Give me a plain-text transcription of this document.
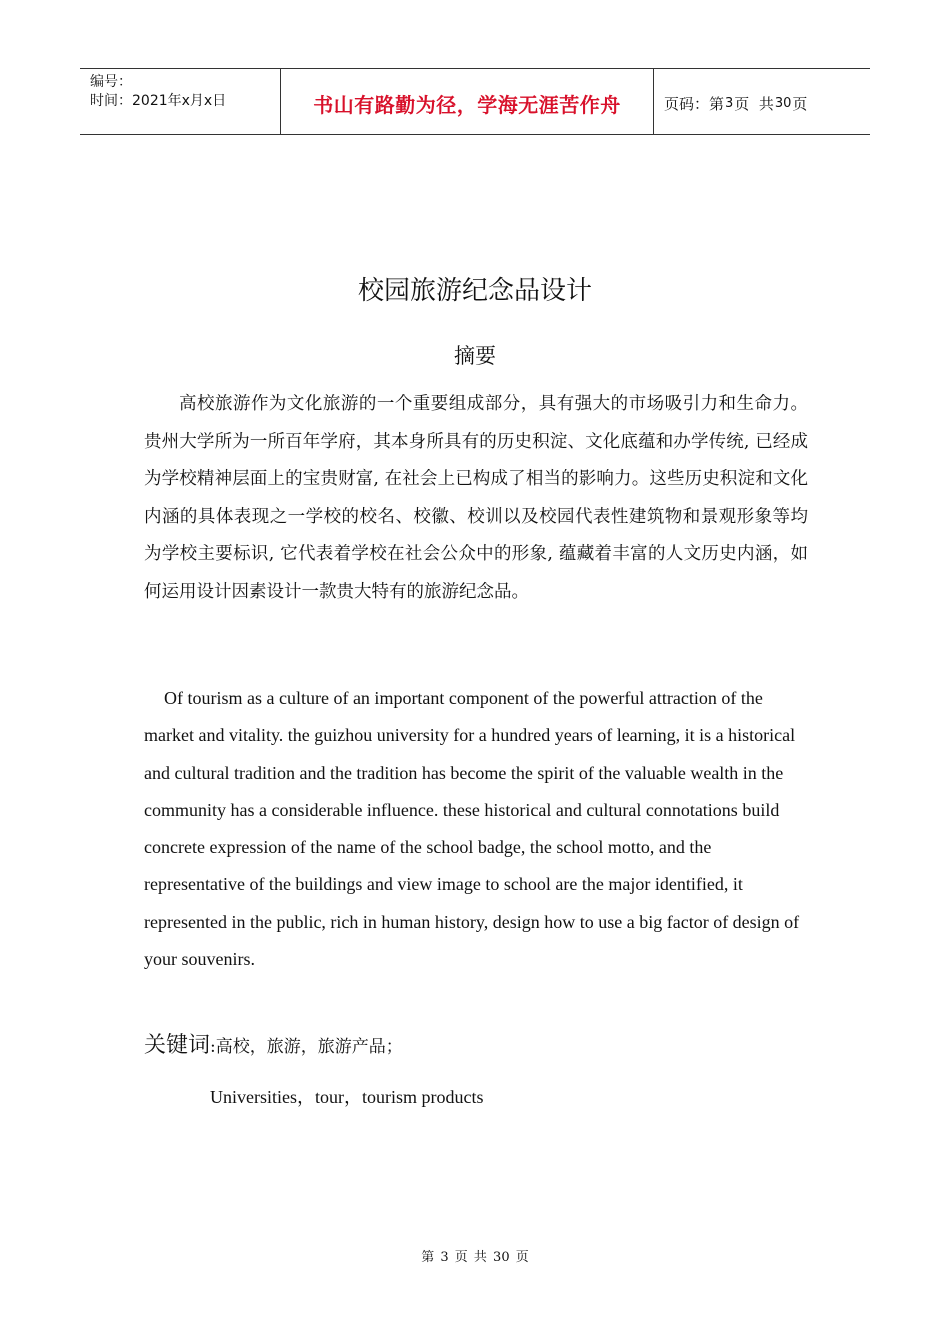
编号：
时间：2021年x月x日	书山有路勤为径，学海无涯苦作舟	页码：第 3 页  共 30 页
校园旅游纪念品设计
摘要

高校旅游作为文化旅游的一个重要组成部分，具有强大的市场吸引力和生命力。贵州大学所为一所百年学府，其本身所具有的历史积淀、文化底蕴和办学传统, 已经成为学校精神层面上的宝贵财富, 在社会上已构成了相当的影响力。这些历史积淀和文化内涵的具体表现之一学校的校名、校徽、校训以及校园代表性建筑物和景观形象等均为学校主要标识, 它代表着学校在社会公众中的形象, 蕴藏着丰富的人文历史内涵，如何运用设计因素设计一款贵大特有的旅游纪念品。

Of tourism as a culture of an important component of the powerful attraction of the market and vitality. the guizhou university for a hundred years of learning, it is a historical and cultural tradition and the tradition has become the spirit of the valuable wealth in the community has a considerable influence. these historical and cultural connotations build concrete expression of the name of the school badge, the school motto, and the representative of the buildings and view image to school are the major identified, it represented in the public, rich in human history, design how to use a big factor of design of your souvenirs.

关键词:高校，旅游，旅游产品；
Universities，tour，tourism products
第 3 页 共 30 页
